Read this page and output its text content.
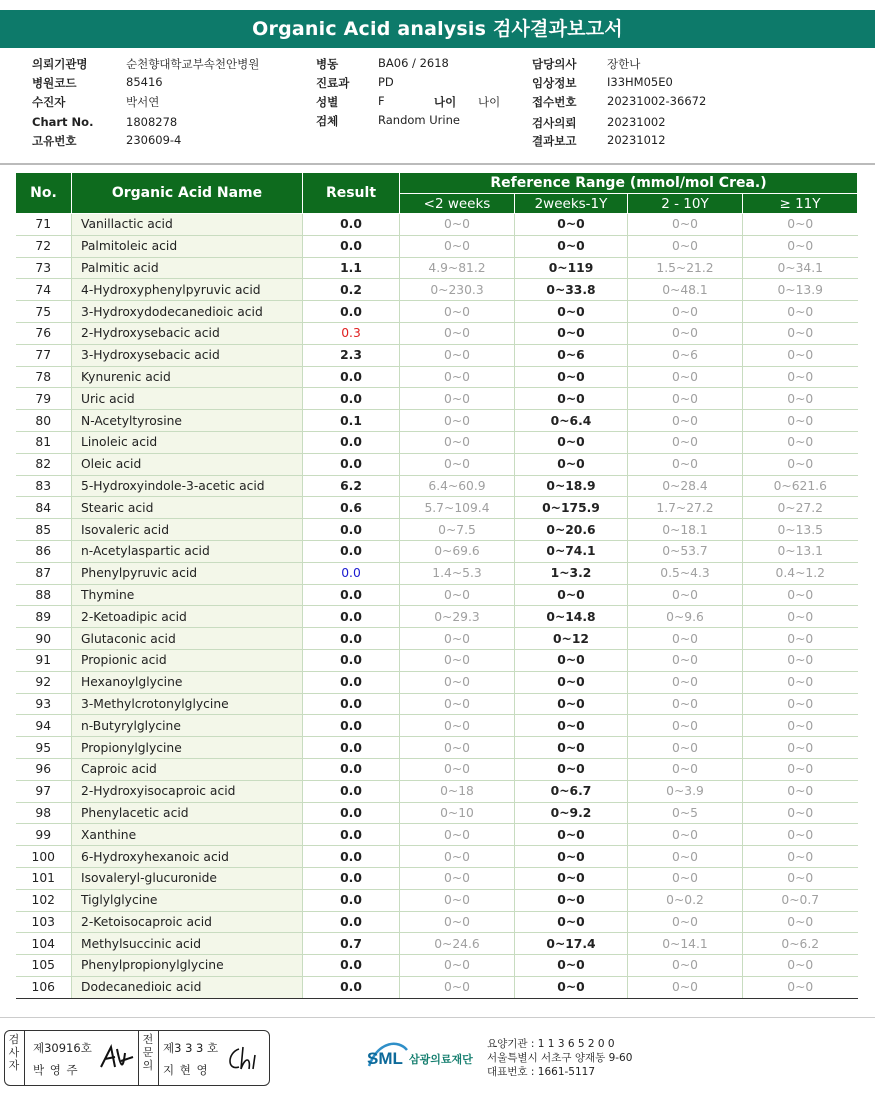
Organic Acid analysis 검사결과보고서
의뢰기관명	순천향대학교부속천안병원
병원코드	85416
수진자	박서연
Chart No.	1808278
고유번호	230609-4
병동	BA06 / 2618
진료과 PD
성별	F	나이 나이
검체	Random Urine
담당의사	장한나
임상정보	I33HM05E0
접수번호	20231002-36672
검사의뢰	20231002
결과보고	20231012
No.	Organic Acid Name	Result	Reference Range (mmol/mol Crea.)			
			<2 weeks	2weeks-1Y	2 - 10Y	≥ 11Y
71	Vanillactic acid	0.0	0~0	0~0	0~0	0~0
72	Palmitoleic acid	0.0	0~0	0~0	0~0	0~0
73	Palmitic acid	1.1	4.9~81.2	0~119	1.5~21.2	0~34.1
74	4-Hydroxyphenylpyruvic acid	0.2	0~230.3	0~33.8	0~48.1	0~13.9
75	3-Hydroxydodecanedioic acid	0.0	0~0	0~0	0~0	0~0
76	2-Hydroxysebacic acid	0.3	0~0	0~0	0~0	0~0
77	3-Hydroxysebacic acid	2.3	0~0	0~6	0~6	0~0
78	Kynurenic acid	0.0	0~0	0~0	0~0	0~0
79	Uric acid	0.0	0~0	0~0	0~0	0~0
80	N-Acetyltyrosine	0.1	0~0	0~6.4	0~0	0~0
81	Linoleic acid	0.0	0~0	0~0	0~0	0~0
82	Oleic acid	0.0	0~0	0~0	0~0	0~0
83	5-Hydroxyindole-3-acetic acid	6.2	6.4~60.9	0~18.9	0~28.4	0~621.6
84	Stearic acid	0.6	5.7~109.4	0~175.9	1.7~27.2	0~27.2
85	Isovaleric acid	0.0	0~7.5	0~20.6	0~18.1	0~13.5
86	n-Acetylaspartic acid	0.0	0~69.6	0~74.1	0~53.7	0~13.1
87	Phenylpyruvic acid	0.0	1.4~5.3	1~3.2	0.5~4.3	0.4~1.2
88	Thymine	0.0	0~0	0~0	0~0	0~0
89	2-Ketoadipic acid	0.0	0~29.3	0~14.8	0~9.6	0~0
90	Glutaconic acid	0.0	0~0	0~12	0~0	0~0
91	Propionic acid	0.0	0~0	0~0	0~0	0~0
92	Hexanoylglycine	0.0	0~0	0~0	0~0	0~0
93	3-Methylcrotonylglycine	0.0	0~0	0~0	0~0	0~0
94	n-Butyrylglycine	0.0	0~0	0~0	0~0	0~0
95	Propionylglycine	0.0	0~0	0~0	0~0	0~0
96	Caproic acid	0.0	0~0	0~0	0~0	0~0
97	2-Hydroxyisocaproic acid	0.0	0~18	0~6.7	0~3.9	0~0
98	Phenylacetic acid	0.0	0~10	0~9.2	0~5	0~0
99	Xanthine	0.0	0~0	0~0	0~0	0~0
100	6-Hydroxyhexanoic acid	0.0	0~0	0~0	0~0	0~0
101	Isovaleryl-glucuronide	0.0	0~0	0~0	0~0	0~0
102	Tiglylglycine	0.0	0~0	0~0	0~0.2	0~0.7
103	2-Ketoisocaproic acid	0.0	0~0	0~0	0~0	0~0
104	Methylsuccinic acid	0.7	0~24.6	0~17.4	0~14.1	0~6.2
105	Phenylpropionylglycine	0.0	0~0	0~0	0~0	0~0
106	Dodecanedioic acid	0.0	0~0	0~0	0~0	0~0
검
사
자
제30916호
박 영 주
전
문
의
제3 3 3 호
지 현 영
SML 삼광의료재단
요양기관 : 1 1 3 6 5 2 0 0
서울특별시 서초구 양재동 9-60
대표번호 : 1661-5117
